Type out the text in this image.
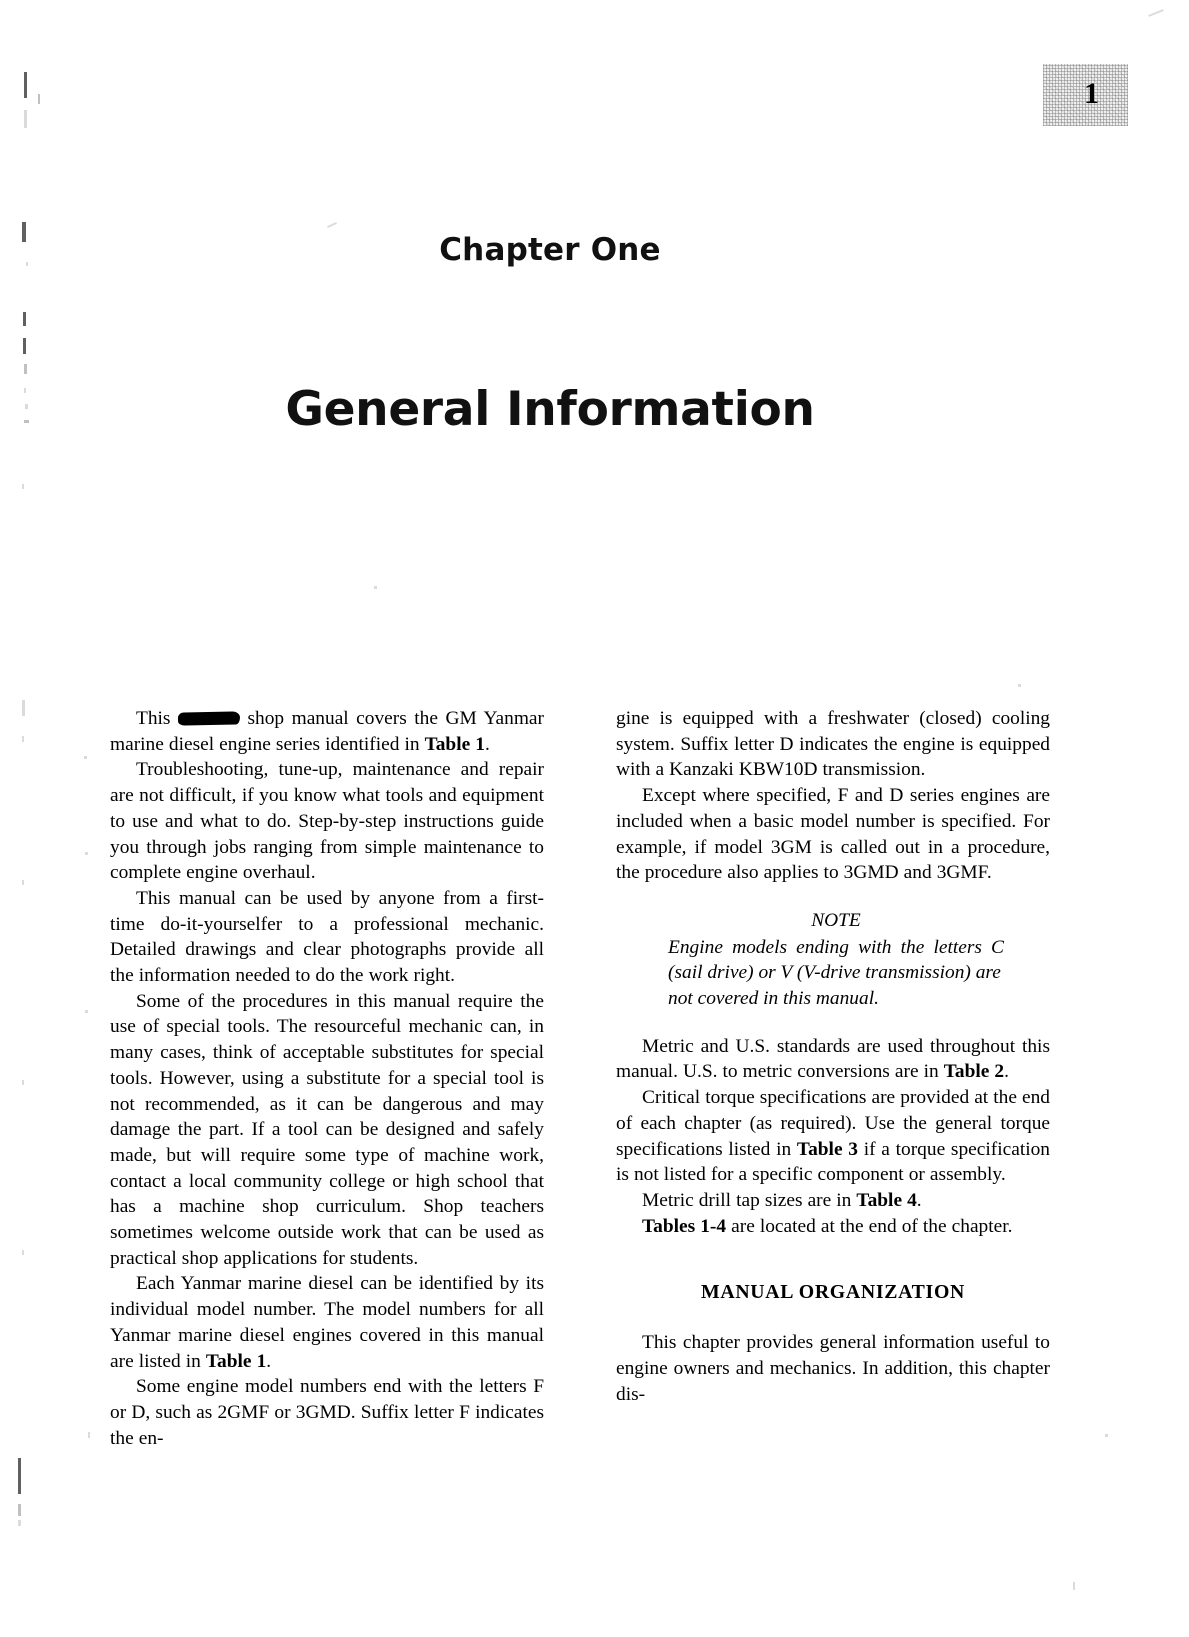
1
Chapter One
General Information

This	shop manual covers the GM Yanmar marine diesel engine series identified in Table 1.

Troubleshooting, tune-up, maintenance and repair are not difficult, if you know what tools and equipment to use and what to do. Step-by-step instructions guide you through jobs ranging from simple maintenance to complete engine overhaul.

This manual can be used by anyone from a first-time do-it-yourselfer to a professional mechanic. Detailed drawings and clear photographs provide all the information needed to do the work right.

Some of the procedures in this manual require the use of special tools. The resourceful mechanic can, in many cases, think of acceptable substitutes for special tools. However, using a substitute for a special tool is not recommended, as it can be dangerous and may damage the part. If a tool can be designed and safely made, but will require some type of machine work, contact a local community college or high school that has a machine shop curriculum. Shop teachers sometimes welcome outside work that can be used as practical shop applications for students.

Each Yanmar marine diesel can be identified by its individual model number. The model numbers for all Yanmar marine diesel engines covered in this manual are listed in Table 1.

Some engine model numbers end with the letters F or D, such as 2GMF or 3GMD. Suffix letter F indicates the en-

gine is equipped with a freshwater (closed) cooling system. Suffix letter D indicates the engine is equipped with a Kanzaki KBW10D transmission.

Except where specified, F and D series engines are included when a basic model number is specified. For example, if model 3GM is called out in a procedure, the procedure also applies to 3GMD and 3GMF.

NOTE
Engine models ending with the letters C (sail drive) or V (V-drive transmission) are
not covered in this manual.

Metric and U.S. standards are used throughout this manual. U.S. to metric conversions are in Table 2.

Critical torque specifications are provided at the end of each chapter (as required). Use the general torque specifications listed in Table 3 if a torque specification is not listed for a specific component or assembly.

Metric drill tap sizes are in Table 4.

Tables 1-4 are located at the end of the chapter.

MANUAL ORGANIZATION

This chapter provides general information useful to engine owners and mechanics. In addition, this chapter dis-
